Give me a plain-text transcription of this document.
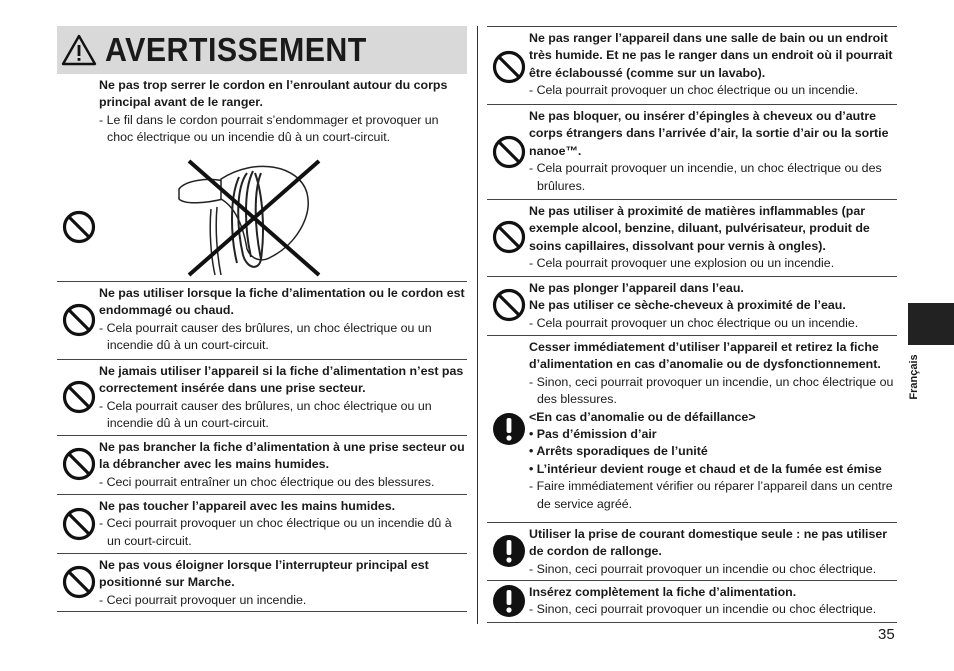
AVERTISSEMENT
Ne pas trop serrer le cordon en l’enroulant autour du corps principal avant de le ranger.
- Le fil dans le cordon pourrait s’endommager et provoquer un choc électrique ou un incendie dû à un court-circuit.
Ne pas utiliser lorsque la fiche d’alimentation ou le cordon est endommagé ou chaud.
- Cela pourrait causer des brûlures, un choc électrique ou un incendie dû à un court-circuit.
Ne jamais utiliser l’appareil si la fiche d’alimentation n’est pas correctement insérée dans une prise secteur.
- Cela pourrait causer des brûlures, un choc électrique ou un incendie dû à un court-circuit.
Ne pas brancher la fiche d’alimentation à une prise secteur ou la débrancher avec les mains humides.
- Ceci pourrait entraîner un choc électrique ou des blessures.
Ne pas toucher l’appareil avec les mains humides.
- Ceci pourrait provoquer un choc électrique ou un incendie dû à un court-circuit.
Ne pas vous éloigner lorsque l’interrupteur principal est positionné sur Marche.
- Ceci pourrait provoquer un incendie.
Ne pas ranger l’appareil dans une salle de bain ou un endroit très humide. Et ne pas le ranger dans un endroit où il pourrait être éclaboussé (comme sur un lavabo).
- Cela pourrait provoquer un choc électrique ou un incendie.
Ne pas bloquer, ou insérer d’épingles à cheveux ou d’autre corps étrangers dans l’arrivée d’air, la sortie d’air ou la sortie nanoe™.
- Cela pourrait provoquer un incendie, un choc électrique ou des brûlures.
Ne pas utiliser à proximité de matières inflammables (par exemple alcool, benzine, diluant, pulvérisateur, produit de soins capillaires, dissolvant pour vernis à ongles).
- Cela pourrait provoquer une explosion ou un incendie.
Ne pas plonger l’appareil dans l’eau.
Ne pas utiliser ce sèche-cheveux à proximité de l’eau.
- Cela pourrait provoquer un choc électrique ou un incendie.
Cesser immédiatement d’utiliser l’appareil et retirez la fiche d’alimentation en cas d’anomalie ou de dysfonctionnement.
- Sinon, ceci pourrait provoquer un incendie, un choc électrique ou des blessures.
<En cas d’anomalie ou de défaillance>
• Pas d’émission d’air
• Arrêts sporadiques de l’unité
• L’intérieur devient rouge et chaud et de la fumée est émise
- Faire immédiatement vérifier ou réparer l’appareil dans un centre de service agréé.
Utiliser la prise de courant domestique seule : ne pas utiliser de cordon de rallonge.
- Sinon, ceci pourrait provoquer un incendie ou choc électrique.
Insérez complètement la fiche d’alimentation.
- Sinon, ceci pourrait provoquer un incendie ou choc électrique.
Français
35
